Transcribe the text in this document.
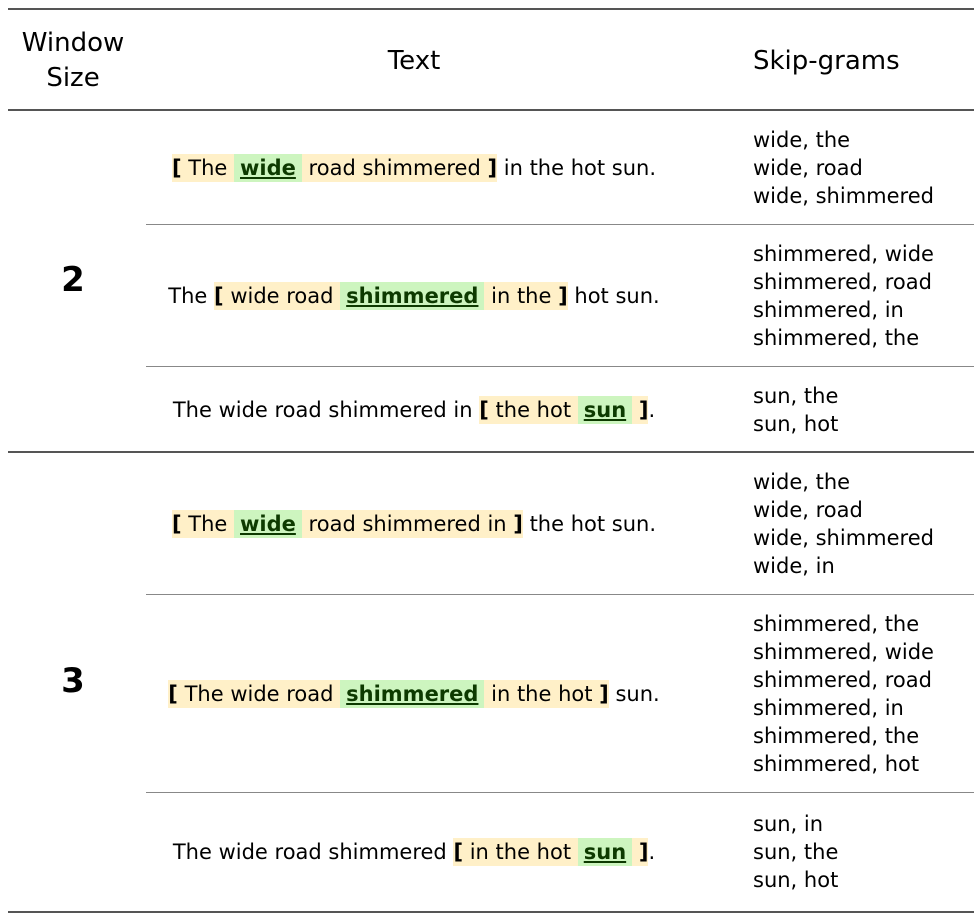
Window
Size
Text	Skip-grams
2
[ The wide road shimmered ] in the hot sun.
wide, the
wide, road
wide, shimmered
The [ wide road shimmered in the ] hot sun.
shimmered, wide
shimmered, road
shimmered, in
shimmered, the
The wide road shimmered in [ the hot sun ].
sun, the
sun, hot
3
[ The wide road shimmered in ] the hot sun.
wide, the
wide, road
wide, shimmered
wide, in
[ The wide road shimmered in the hot ] sun.
shimmered, the
shimmered, wide
shimmered, road
shimmered, in
shimmered, the
shimmered, hot
The wide road shimmered [ in the hot sun ].
sun, in
sun, the
sun, hot
